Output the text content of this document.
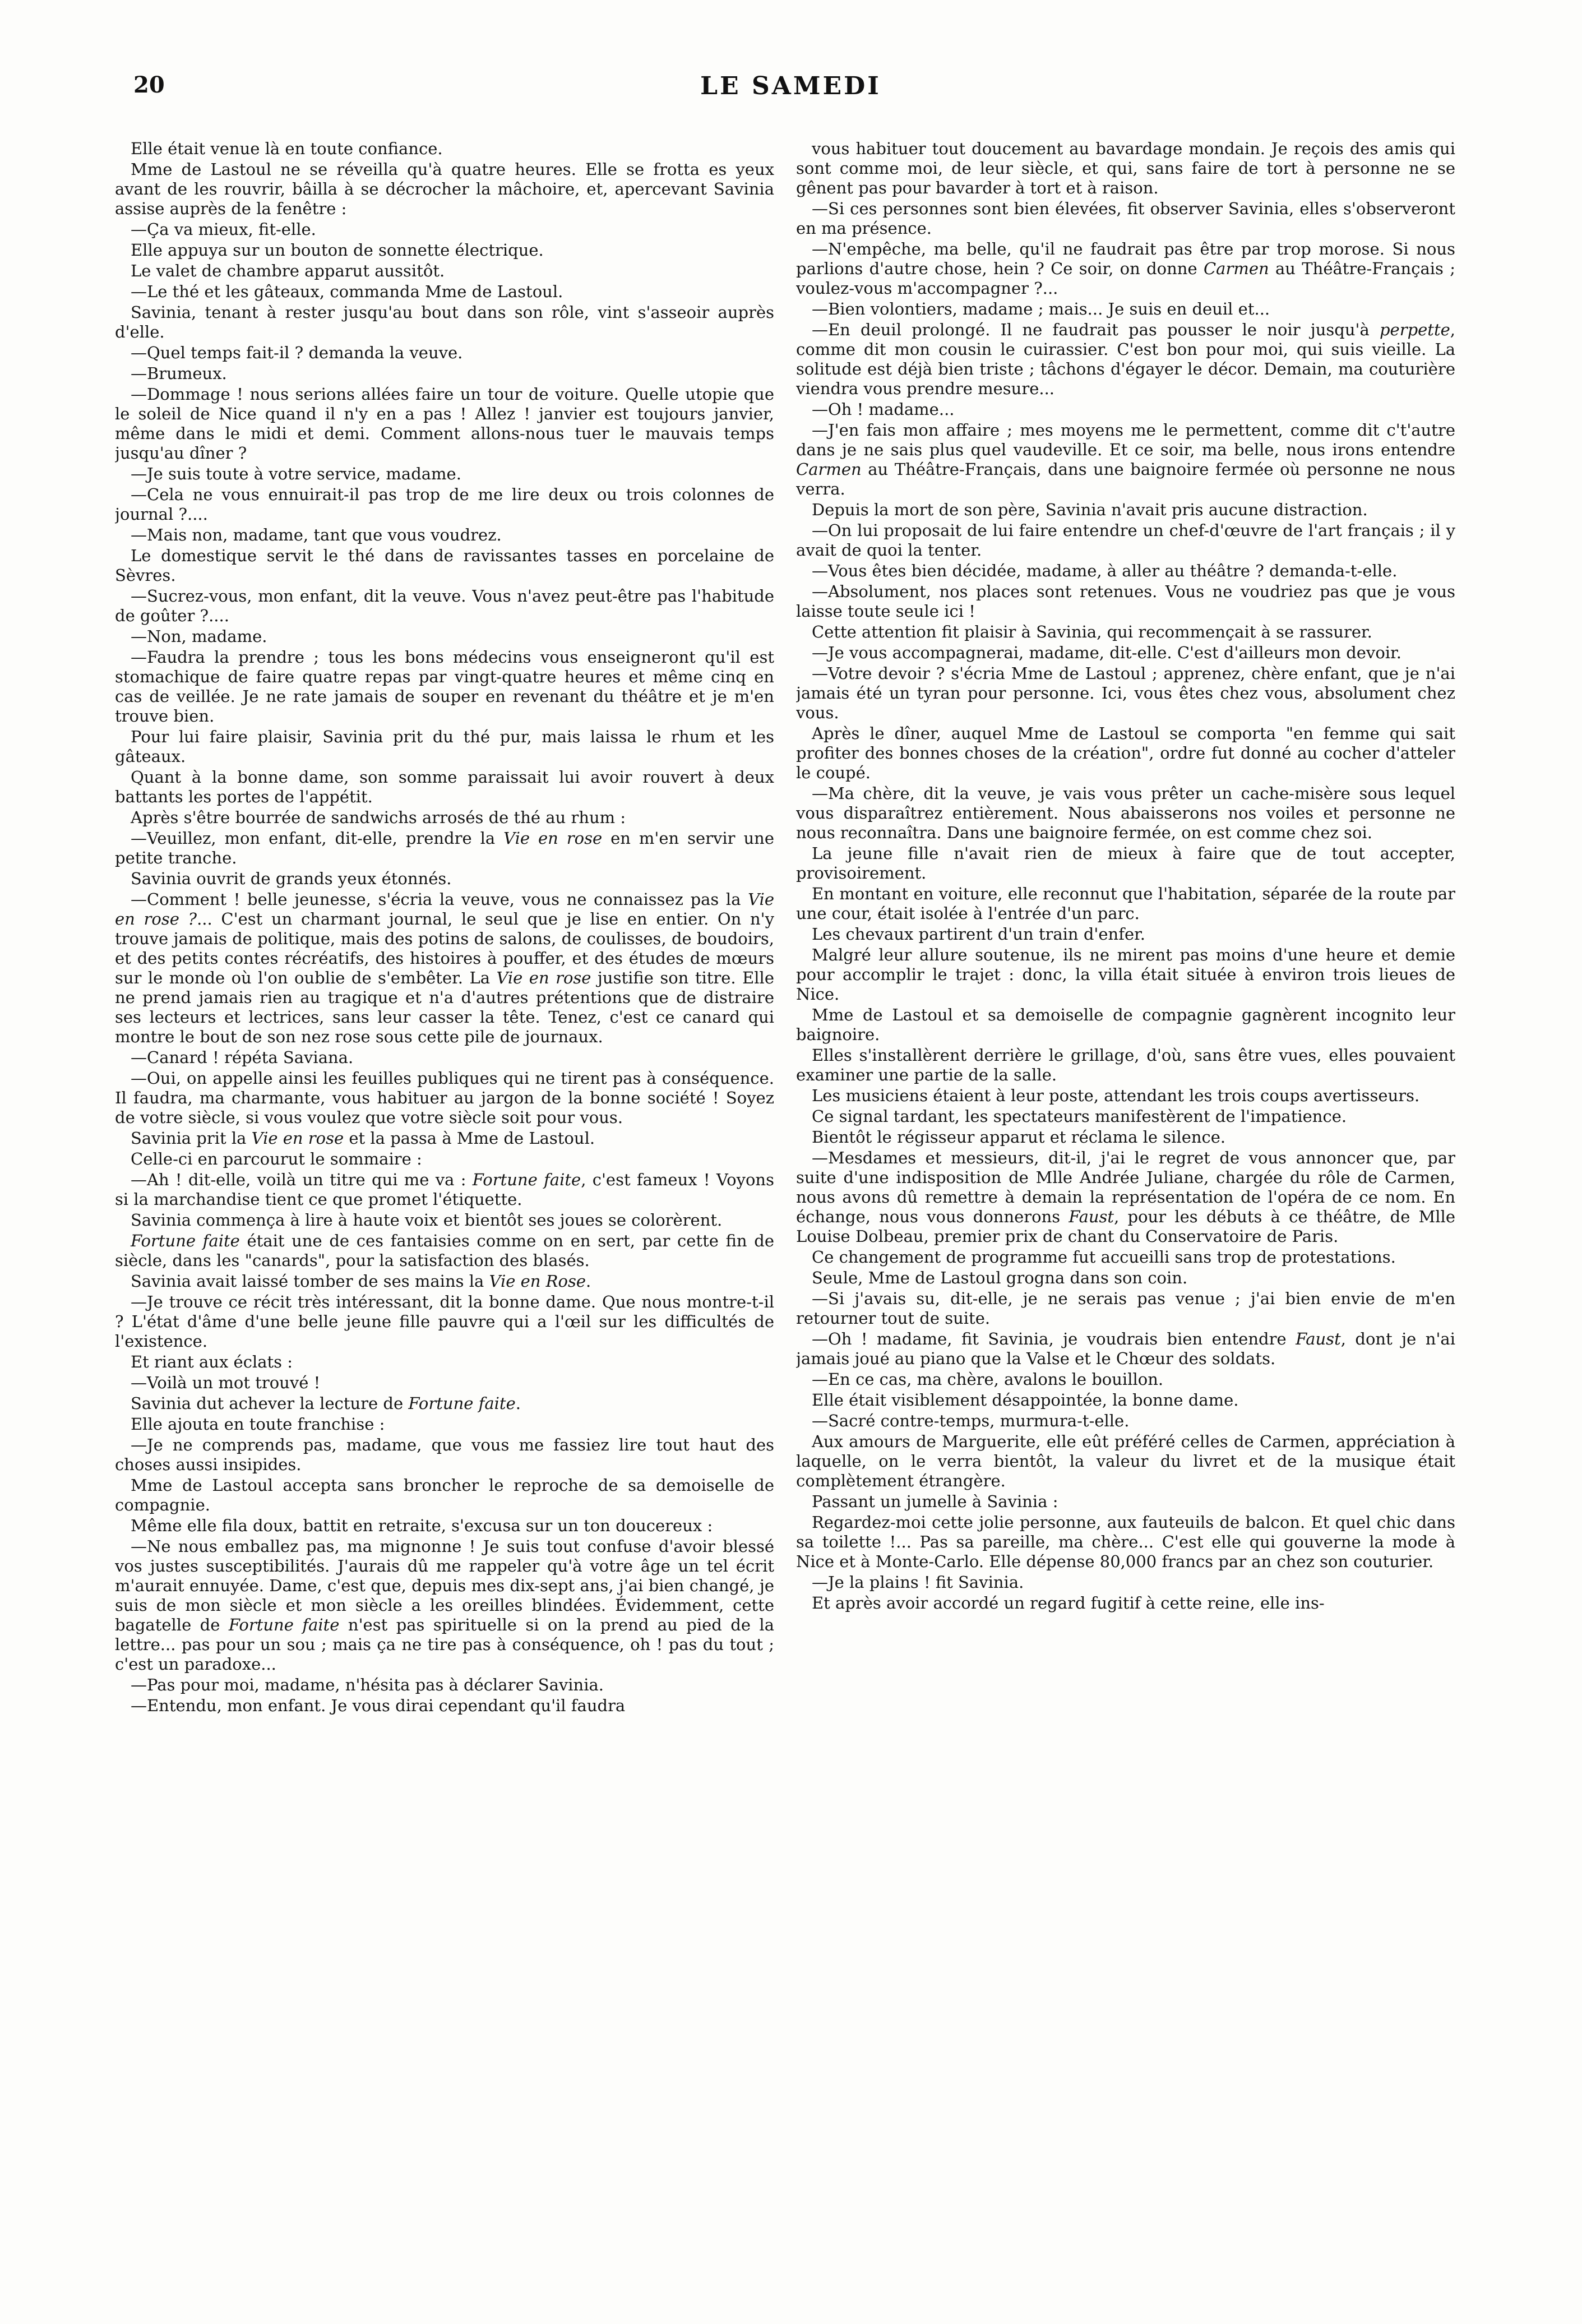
20	LE SAMEDI

Elle était venue là en toute confiance.

Mme de Lastoul ne se réveilla qu'à quatre heures. Elle se frotta es yeux avant de les rouvrir, bâilla à se décrocher la mâchoire, et, apercevant Savinia assise auprès de la fenêtre :

—Ça va mieux, fit-elle.

Elle appuya sur un bouton de sonnette électrique.

Le valet de chambre apparut aussitôt.

—Le thé et les gâteaux, commanda Mme de Lastoul.

Savinia, tenant à rester jusqu'au bout dans son rôle, vint s'asseoir auprès d'elle.

—Quel temps fait-il ? demanda la veuve.

—Brumeux.

—Dommage ! nous serions allées faire un tour de voiture. Quelle utopie que le soleil de Nice quand il n'y en a pas ! Allez ! janvier est toujours janvier, même dans le midi et demi. Comment allons-nous tuer le mauvais temps jusqu'au dîner ?

—Je suis toute à votre service, madame.

—Cela ne vous ennuirait-il pas trop de me lire deux ou trois colonnes de journal ?....

—Mais non, madame, tant que vous voudrez.

Le domestique servit le thé dans de ravissantes tasses en porcelaine de Sèvres.

—Sucrez-vous, mon enfant, dit la veuve. Vous n'avez peut-être pas l'habitude de goûter ?....

—Non, madame.

—Faudra la prendre ; tous les bons médecins vous enseigneront qu'il est stomachique de faire quatre repas par vingt-quatre heures et même cinq en cas de veillée. Je ne rate jamais de souper en revenant du théâtre et je m'en trouve bien.

Pour lui faire plaisir, Savinia prit du thé pur, mais laissa le rhum et les gâteaux.

Quant à la bonne dame, son somme paraissait lui avoir rouvert à deux battants les portes de l'appétit.

Après s'être bourrée de sandwichs arrosés de thé au rhum :

—Veuillez, mon enfant, dit-elle, prendre la Vie en rose en m'en servir une petite tranche.

Savinia ouvrit de grands yeux étonnés.

—Comment ! belle jeunesse, s'écria la veuve, vous ne connaissez pas la Vie en rose ?... C'est un charmant journal, le seul que je lise en entier. On n'y trouve jamais de politique, mais des potins de salons, de coulisses, de boudoirs, et des petits contes récréatifs, des histoires à pouffer, et des études de mœurs sur le monde où l'on oublie de s'embêter. La Vie en rose justifie son titre. Elle ne prend jamais rien au tragique et n'a d'autres prétentions que de distraire ses lecteurs et lectrices, sans leur casser la tête. Tenez, c'est ce canard qui montre le bout de son nez rose sous cette pile de journaux.

—Canard ! répéta Saviana.

—Oui, on appelle ainsi les feuilles publiques qui ne tirent pas à conséquence. Il faudra, ma charmante, vous habituer au jargon de la bonne société ! Soyez de votre siècle, si vous voulez que votre siècle soit pour vous.

Savinia prit la Vie en rose et la passa à Mme de Lastoul.

Celle-ci en parcourut le sommaire :

—Ah ! dit-elle, voilà un titre qui me va : Fortune faite, c'est fameux ! Voyons si la marchandise tient ce que promet l'étiquette.

Savinia commença à lire à haute voix et bientôt ses joues se colorèrent.

Fortune faite était une de ces fantaisies comme on en sert, par cette fin de siècle, dans les "canards", pour la satisfaction des blasés.

Savinia avait laissé tomber de ses mains la Vie en Rose.

—Je trouve ce récit très intéressant, dit la bonne dame. Que nous montre-t-il ? L'état d'âme d'une belle jeune fille pauvre qui a l'œil sur les difficultés de l'existence.

Et riant aux éclats :

—Voilà un mot trouvé !

Savinia dut achever la lecture de Fortune faite.

Elle ajouta en toute franchise :

—Je ne comprends pas, madame, que vous me fassiez lire tout haut des choses aussi insipides.

Mme de Lastoul accepta sans broncher le reproche de sa demoiselle de compagnie.

Même elle fila doux, battit en retraite, s'excusa sur un ton doucereux :

—Ne nous emballez pas, ma mignonne ! Je suis tout confuse d'avoir blessé vos justes susceptibilités. J'aurais dû me rappeler qu'à votre âge un tel écrit m'aurait ennuyée. Dame, c'est que, depuis mes dix-sept ans, j'ai bien changé, je suis de mon siècle et mon siècle a les oreilles blindées. Évidemment, cette bagatelle de Fortune faite n'est pas spirituelle si on la prend au pied de la lettre... pas pour un sou ; mais ça ne tire pas à conséquence, oh ! pas du tout ; c'est un paradoxe...

—Pas pour moi, madame, n'hésita pas à déclarer Savinia.

—Entendu, mon enfant. Je vous dirai cependant qu'il faudra

vous habituer tout doucement au bavardage mondain. Je reçois des amis qui sont comme moi, de leur siècle, et qui, sans faire de tort à personne ne se gênent pas pour bavarder à tort et à raison.

—Si ces personnes sont bien élevées, fit observer Savinia, elles s'observeront en ma présence.

—N'empêche, ma belle, qu'il ne faudrait pas être par trop morose. Si nous parlions d'autre chose, hein ? Ce soir, on donne Carmen au Théâtre-Français ; voulez-vous m'accompagner ?...

—Bien volontiers, madame ; mais... Je suis en deuil et...

—En deuil prolongé. Il ne faudrait pas pousser le noir jusqu'à perpette, comme dit mon cousin le cuirassier. C'est bon pour moi, qui suis vieille. La solitude est déjà bien triste ; tâchons d'égayer le décor. Demain, ma couturière viendra vous prendre mesure...

—Oh ! madame...

—J'en fais mon affaire ; mes moyens me le permettent, comme dit c't'autre dans je ne sais plus quel vaudeville. Et ce soir, ma belle, nous irons entendre Carmen au Théâtre-Français, dans une baignoire fermée où personne ne nous verra.

Depuis la mort de son père, Savinia n'avait pris aucune distraction.

—On lui proposait de lui faire entendre un chef-d'œuvre de l'art français ; il y avait de quoi la tenter.

—Vous êtes bien décidée, madame, à aller au théâtre ? demanda-t-elle.

—Absolument, nos places sont retenues. Vous ne voudriez pas que je vous laisse toute seule ici !

Cette attention fit plaisir à Savinia, qui recommençait à se rassurer.

—Je vous accompagnerai, madame, dit-elle. C'est d'ailleurs mon devoir.

—Votre devoir ? s'écria Mme de Lastoul ; apprenez, chère enfant, que je n'ai jamais été un tyran pour personne. Ici, vous êtes chez vous, absolument chez vous.

Après le dîner, auquel Mme de Lastoul se comporta "en femme qui sait profiter des bonnes choses de la création", ordre fut donné au cocher d'atteler le coupé.

—Ma chère, dit la veuve, je vais vous prêter un cache-misère sous lequel vous disparaîtrez entièrement. Nous abaisserons nos voiles et personne ne nous reconnaîtra. Dans une baignoire fermée, on est comme chez soi.

La jeune fille n'avait rien de mieux à faire que de tout accepter, provisoirement.

En montant en voiture, elle reconnut que l'habitation, séparée de la route par une cour, était isolée à l'entrée d'un parc.

Les chevaux partirent d'un train d'enfer.

Malgré leur allure soutenue, ils ne mirent pas moins d'une heure et demie pour accomplir le trajet : donc, la villa était située à environ trois lieues de Nice.

Mme de Lastoul et sa demoiselle de compagnie gagnèrent incognito leur baignoire.

Elles s'installèrent derrière le grillage, d'où, sans être vues, elles pouvaient examiner une partie de la salle.

Les musiciens étaient à leur poste, attendant les trois coups avertisseurs.

Ce signal tardant, les spectateurs manifestèrent de l'impatience.

Bientôt le régisseur apparut et réclama le silence.

—Mesdames et messieurs, dit-il, j'ai le regret de vous annoncer que, par suite d'une indisposition de Mlle Andrée Juliane, chargée du rôle de Carmen, nous avons dû remettre à demain la représentation de l'opéra de ce nom. En échange, nous vous donnerons Faust, pour les débuts à ce théâtre, de Mlle Louise Dolbeau, premier prix de chant du Conservatoire de Paris.

Ce changement de programme fut accueilli sans trop de protestations.

Seule, Mme de Lastoul grogna dans son coin.

—Si j'avais su, dit-elle, je ne serais pas venue ; j'ai bien envie de m'en retourner tout de suite.

—Oh ! madame, fit Savinia, je voudrais bien entendre Faust, dont je n'ai jamais joué au piano que la Valse et le Chœur des soldats.

—En ce cas, ma chère, avalons le bouillon.

Elle était visiblement désappointée, la bonne dame.

—Sacré contre-temps, murmura-t-elle.

Aux amours de Marguerite, elle eût préféré celles de Carmen, appréciation à laquelle, on le verra bientôt, la valeur du livret et de la musique était complètement étrangère.

Passant un jumelle à Savinia :

Regardez-moi cette jolie personne, aux fauteuils de balcon. Et quel chic dans sa toilette !... Pas sa pareille, ma chère... C'est elle qui gouverne la mode à Nice et à Monte-Carlo. Elle dépense 80,000 francs par an chez son couturier.

—Je la plains ! fit Savinia.

Et après avoir accordé un regard fugitif à cette reine, elle ins-
